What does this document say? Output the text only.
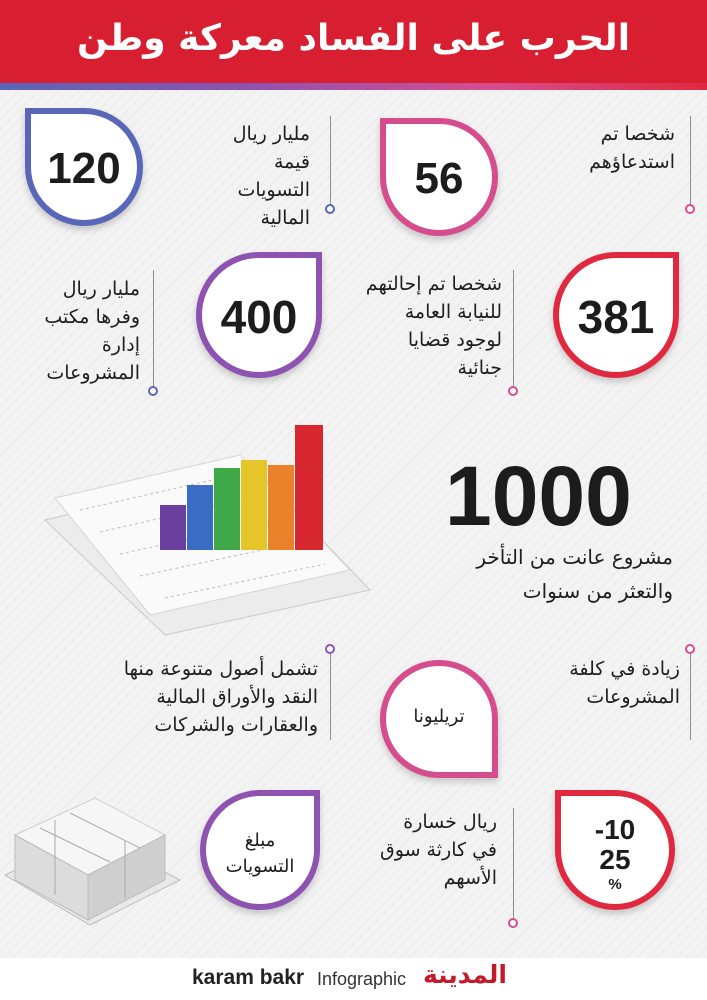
الحرب على الفساد معركة وطن
120	56
مليار ريال قيمة التسويات المالية
شخصا تم استدعاؤهم
مليار ريال وفرها مكتب إدارة المشروعات
400
شخصا تم إحالتهم للنيابة العامة لوجود قضايا جنائية
381
1000
مشروع عانت من التأخر والتعثر من سنوات
تشمل أصول متنوعة منها النقد والأوراق المالية والعقارات والشركات	تريليونا
زيادة في كلفة المشروعات
مبلغ التسويات
ريال خسارة في كارثة سوق الأسهم
-10
25
%
karam bakr Infographic المدينة
